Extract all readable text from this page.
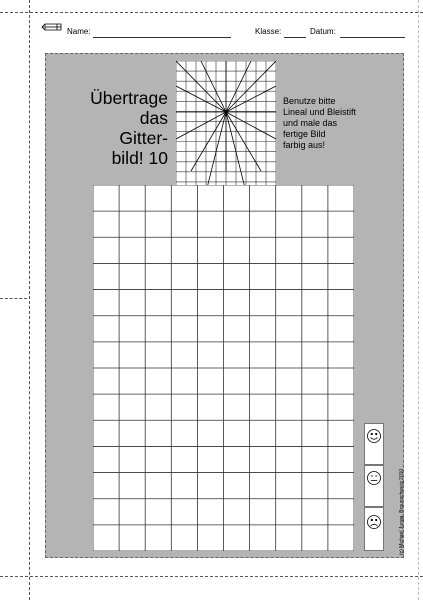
Name:	Klasse:	Datum:
Übertrage
das
Gitter-
bild! 10
Benutze bitte
Lineal und Bleistift
und male das
fertige Bild
farbig aus!
(c) Michael Junga, Braunschweig 2010
